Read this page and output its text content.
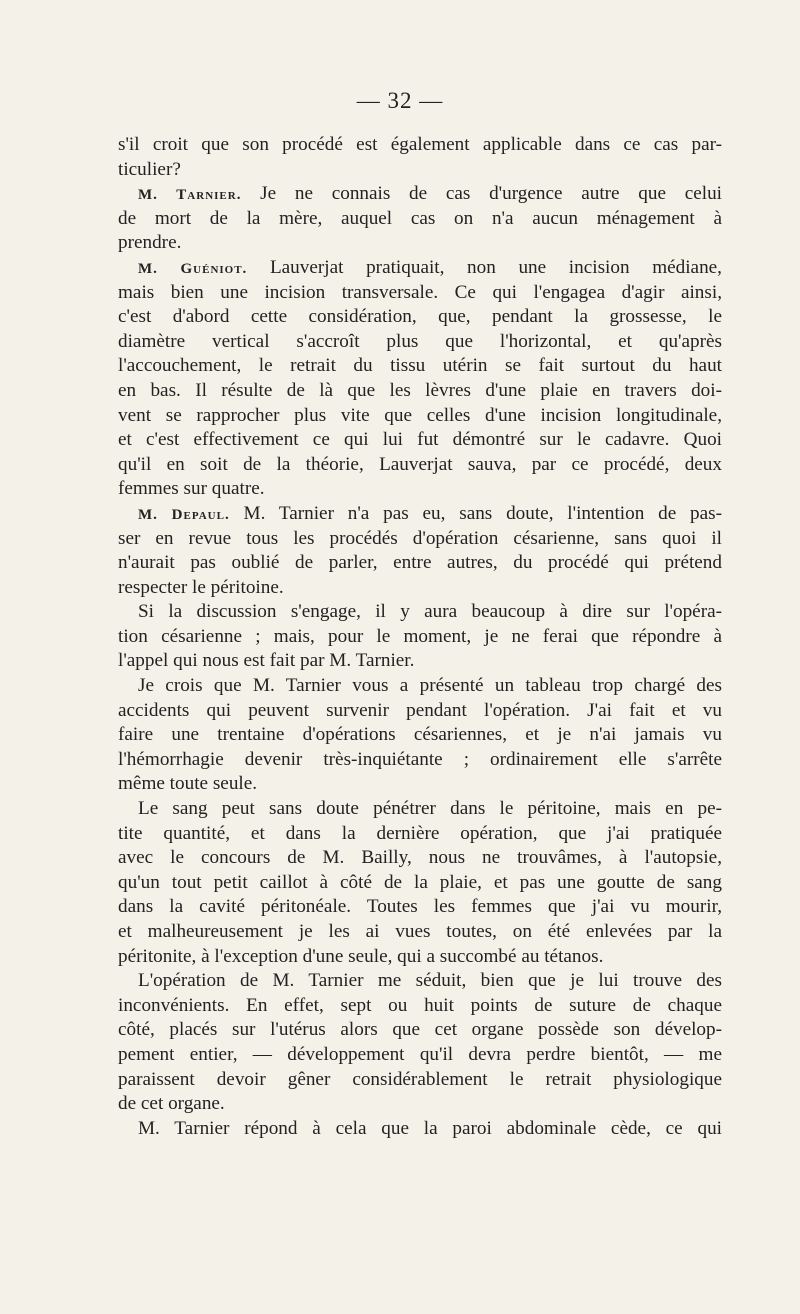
— 32 —
s'il croit que son procédé est également applicable dans ce cas par-
ticulier?
M. Tarnier. Je ne connais de cas d'urgence autre que celui
de mort de la mère, auquel cas on n'a aucun ménagement à
prendre.
M. Guéniot. Lauverjat pratiquait, non une incision médiane,
mais bien une incision transversale. Ce qui l'engagea d'agir ainsi,
c'est d'abord cette considération, que, pendant la grossesse, le
diamètre vertical s'accroît plus que l'horizontal, et qu'après
l'accouchement, le retrait du tissu utérin se fait surtout du haut
en bas. Il résulte de là que les lèvres d'une plaie en travers doi-
vent se rapprocher plus vite que celles d'une incision longitudinale,
et c'est effectivement ce qui lui fut démontré sur le cadavre. Quoi
qu'il en soit de la théorie, Lauverjat sauva, par ce procédé, deux
femmes sur quatre.
M. Depaul. M. Tarnier n'a pas eu, sans doute, l'intention de pas-
ser en revue tous les procédés d'opération césarienne, sans quoi il
n'aurait pas oublié de parler, entre autres, du procédé qui prétend
respecter le péritoine.
Si la discussion s'engage, il y aura beaucoup à dire sur l'opéra-
tion césarienne ; mais, pour le moment, je ne ferai que répondre à
l'appel qui nous est fait par M. Tarnier.
Je crois que M. Tarnier vous a présenté un tableau trop chargé des
accidents qui peuvent survenir pendant l'opération. J'ai fait et vu
faire une trentaine d'opérations césariennes, et je n'ai jamais vu
l'hémorrhagie devenir très-inquiétante ; ordinairement elle s'arrête
même toute seule.
Le sang peut sans doute pénétrer dans le péritoine, mais en pe-
tite quantité, et dans la dernière opération, que j'ai pratiquée
avec le concours de M. Bailly, nous ne trouvâmes, à l'autopsie,
qu'un tout petit caillot à côté de la plaie, et pas une goutte de sang
dans la cavité péritonéale. Toutes les femmes que j'ai vu mourir,
et malheureusement je les ai vues toutes, on été enlevées par la
péritonite, à l'exception d'une seule, qui a succombé au tétanos.
L'opération de M. Tarnier me séduit, bien que je lui trouve des
inconvénients. En effet, sept ou huit points de suture de chaque
côté, placés sur l'utérus alors que cet organe possède son dévelop-
pement entier, — développement qu'il devra perdre bientôt, — me
paraissent devoir gêner considérablement le retrait physiologique
de cet organe.
M. Tarnier répond à cela que la paroi abdominale cède, ce qui
